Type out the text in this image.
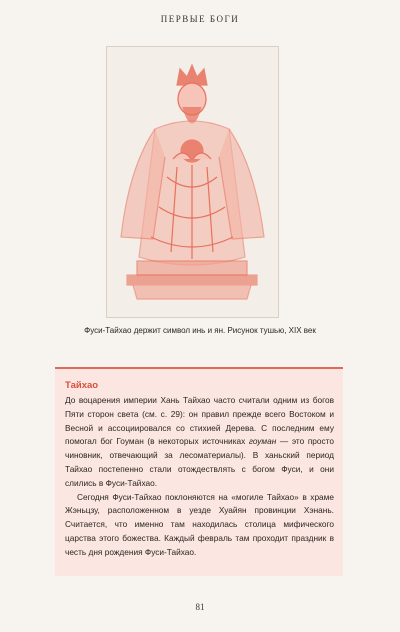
ПЕРВЫЕ БОГИ
Фуси-Тайхао держит символ инь и ян. Рисунок тушью, XIX век
Тайхао

До воцарения империи Хань Тайхао часто считали одним из богов Пяти сторон света (см. с. 29): он правил прежде всего Востоком и Весной и ассоциировался со стихией Дерева. С последним ему помогал бог Гоуман (в некоторых источниках гоуман — это просто чиновник, отвечающий за лесоматериалы). В ханьский период Тайхао постепенно стали отождествлять с богом Фуси, и они слились в Фуси-Тайхао.

Сегодня Фуси-Тайхао поклоняются на «могиле Тайхао» в храме Жэньцзу, расположенном в уезде Хуайян провинции Хэнань. Считается, что именно там находилась столица мифического царства этого божества. Каждый февраль там проходит праздник в честь дня рождения Фуси-Тайхао.

81
